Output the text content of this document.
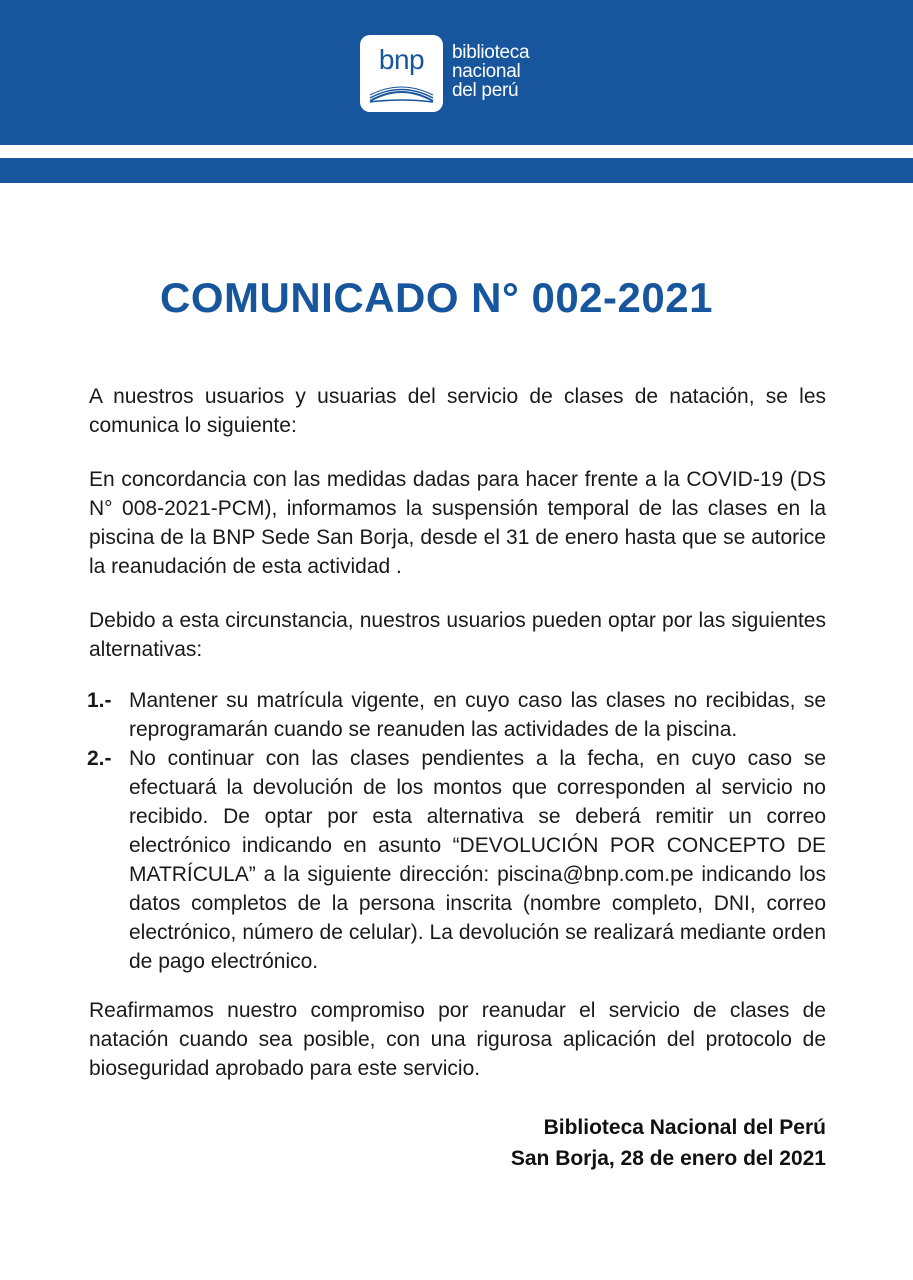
bnp	biblioteca
nacional
del perú
COMUNICADO N° 002-2021

A nuestros usuarios y usuarias del servicio de clases de natación, se les comunica lo siguiente:

En concordancia con las medidas dadas para hacer frente a la COVID-19 (DS N° 008-2021-PCM), informamos la suspensión temporal de las clases en la piscina de la BNP Sede San Borja, desde el 31 de enero hasta que se autorice la reanudación de esta actividad .

Debido a esta circunstancia, nuestros usuarios pueden optar por las siguientes alternativas:

1.- Mantener su matrícula vigente, en cuyo caso las clases no recibidas, se reprogramarán cuando se reanuden las actividades de la piscina.
2.- No continuar con las clases pendientes a la fecha, en cuyo caso se efectuará la devolución de los montos que corresponden al servicio no recibido. De optar por esta alternativa se deberá remitir un correo electrónico indicando en asunto “DEVOLUCIÓN POR CONCEPTO DE MATRÍCULA” a la siguiente dirección: piscina@bnp.com.pe indicando los datos completos de la persona inscrita (nombre completo, DNI, correo electrónico, número de celular). La devolución se realizará mediante orden de pago electrónico.

Reafirmamos nuestro compromiso por reanudar el servicio de clases de natación cuando sea posible, con una rigurosa aplicación del protocolo de bioseguridad aprobado para este servicio.

Biblioteca Nacional del Perú
San Borja, 28 de enero del 2021
